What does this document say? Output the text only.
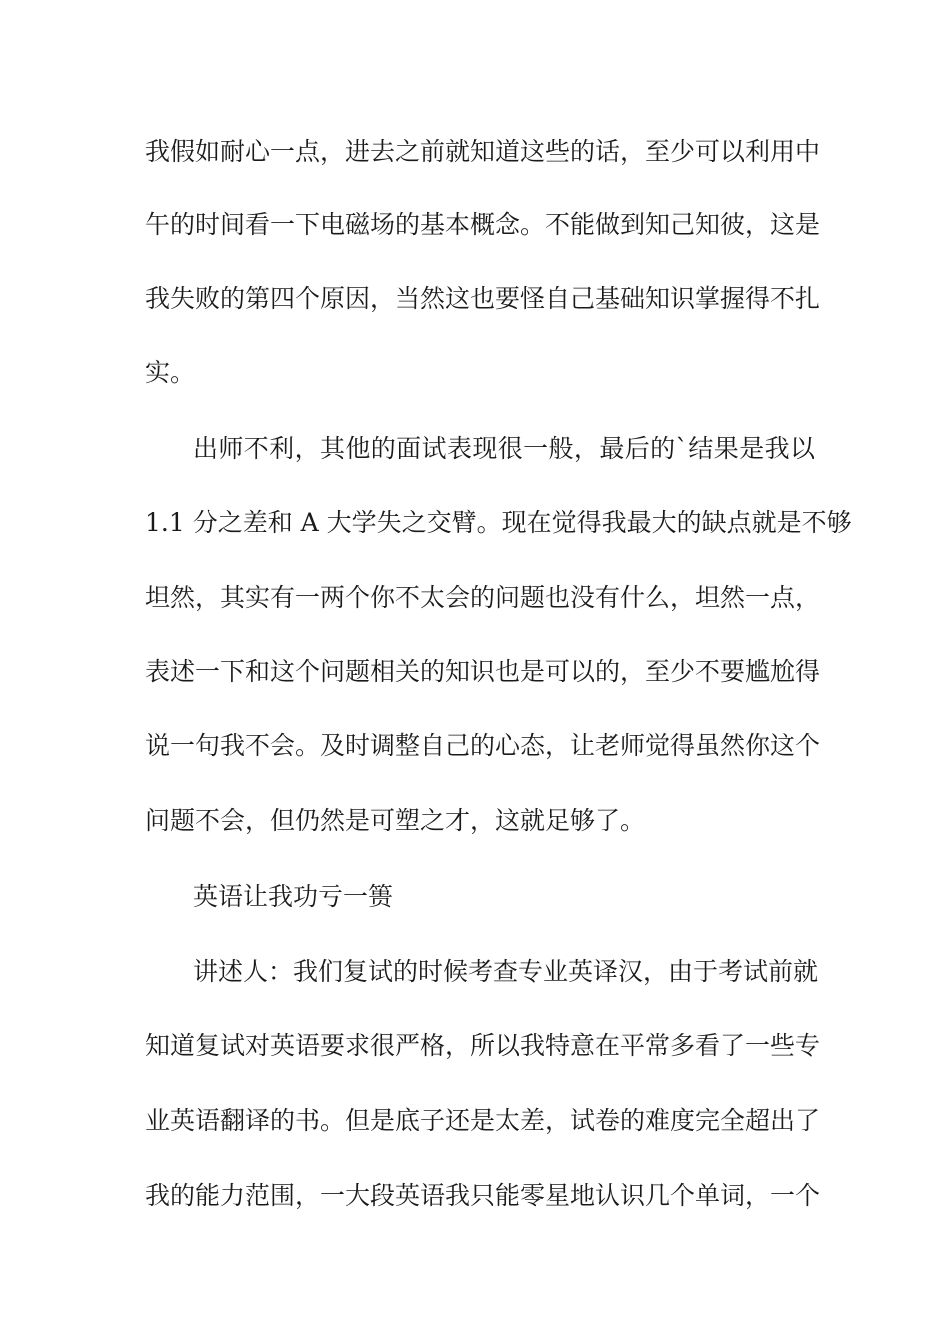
我假如耐心一点，进去之前就知道这些的话，至少可以利用中
午的时间看一下电磁场的基本概念。不能做到知己知彼，这是
我失败的第四个原因，当然这也要怪自己基础知识掌握得不扎
实。
出师不利，其他的面试表现很一般，最后的`结果是我以
1.1 分之差和 A 大学失之交臂。现在觉得我最大的缺点就是不够
坦然，其实有一两个你不太会的问题也没有什么，坦然一点，
表述一下和这个问题相关的知识也是可以的，至少不要尴尬得
说一句我不会。及时调整自己的心态，让老师觉得虽然你这个
问题不会，但仍然是可塑之才，这就足够了。
英语让我功亏一篑
讲述人：我们复试的时候考查专业英译汉，由于考试前就
知道复试对英语要求很严格，所以我特意在平常多看了一些专
业英语翻译的书。但是底子还是太差，试卷的难度完全超出了
我的能力范围，一大段英语我只能零星地认识几个单词，一个
